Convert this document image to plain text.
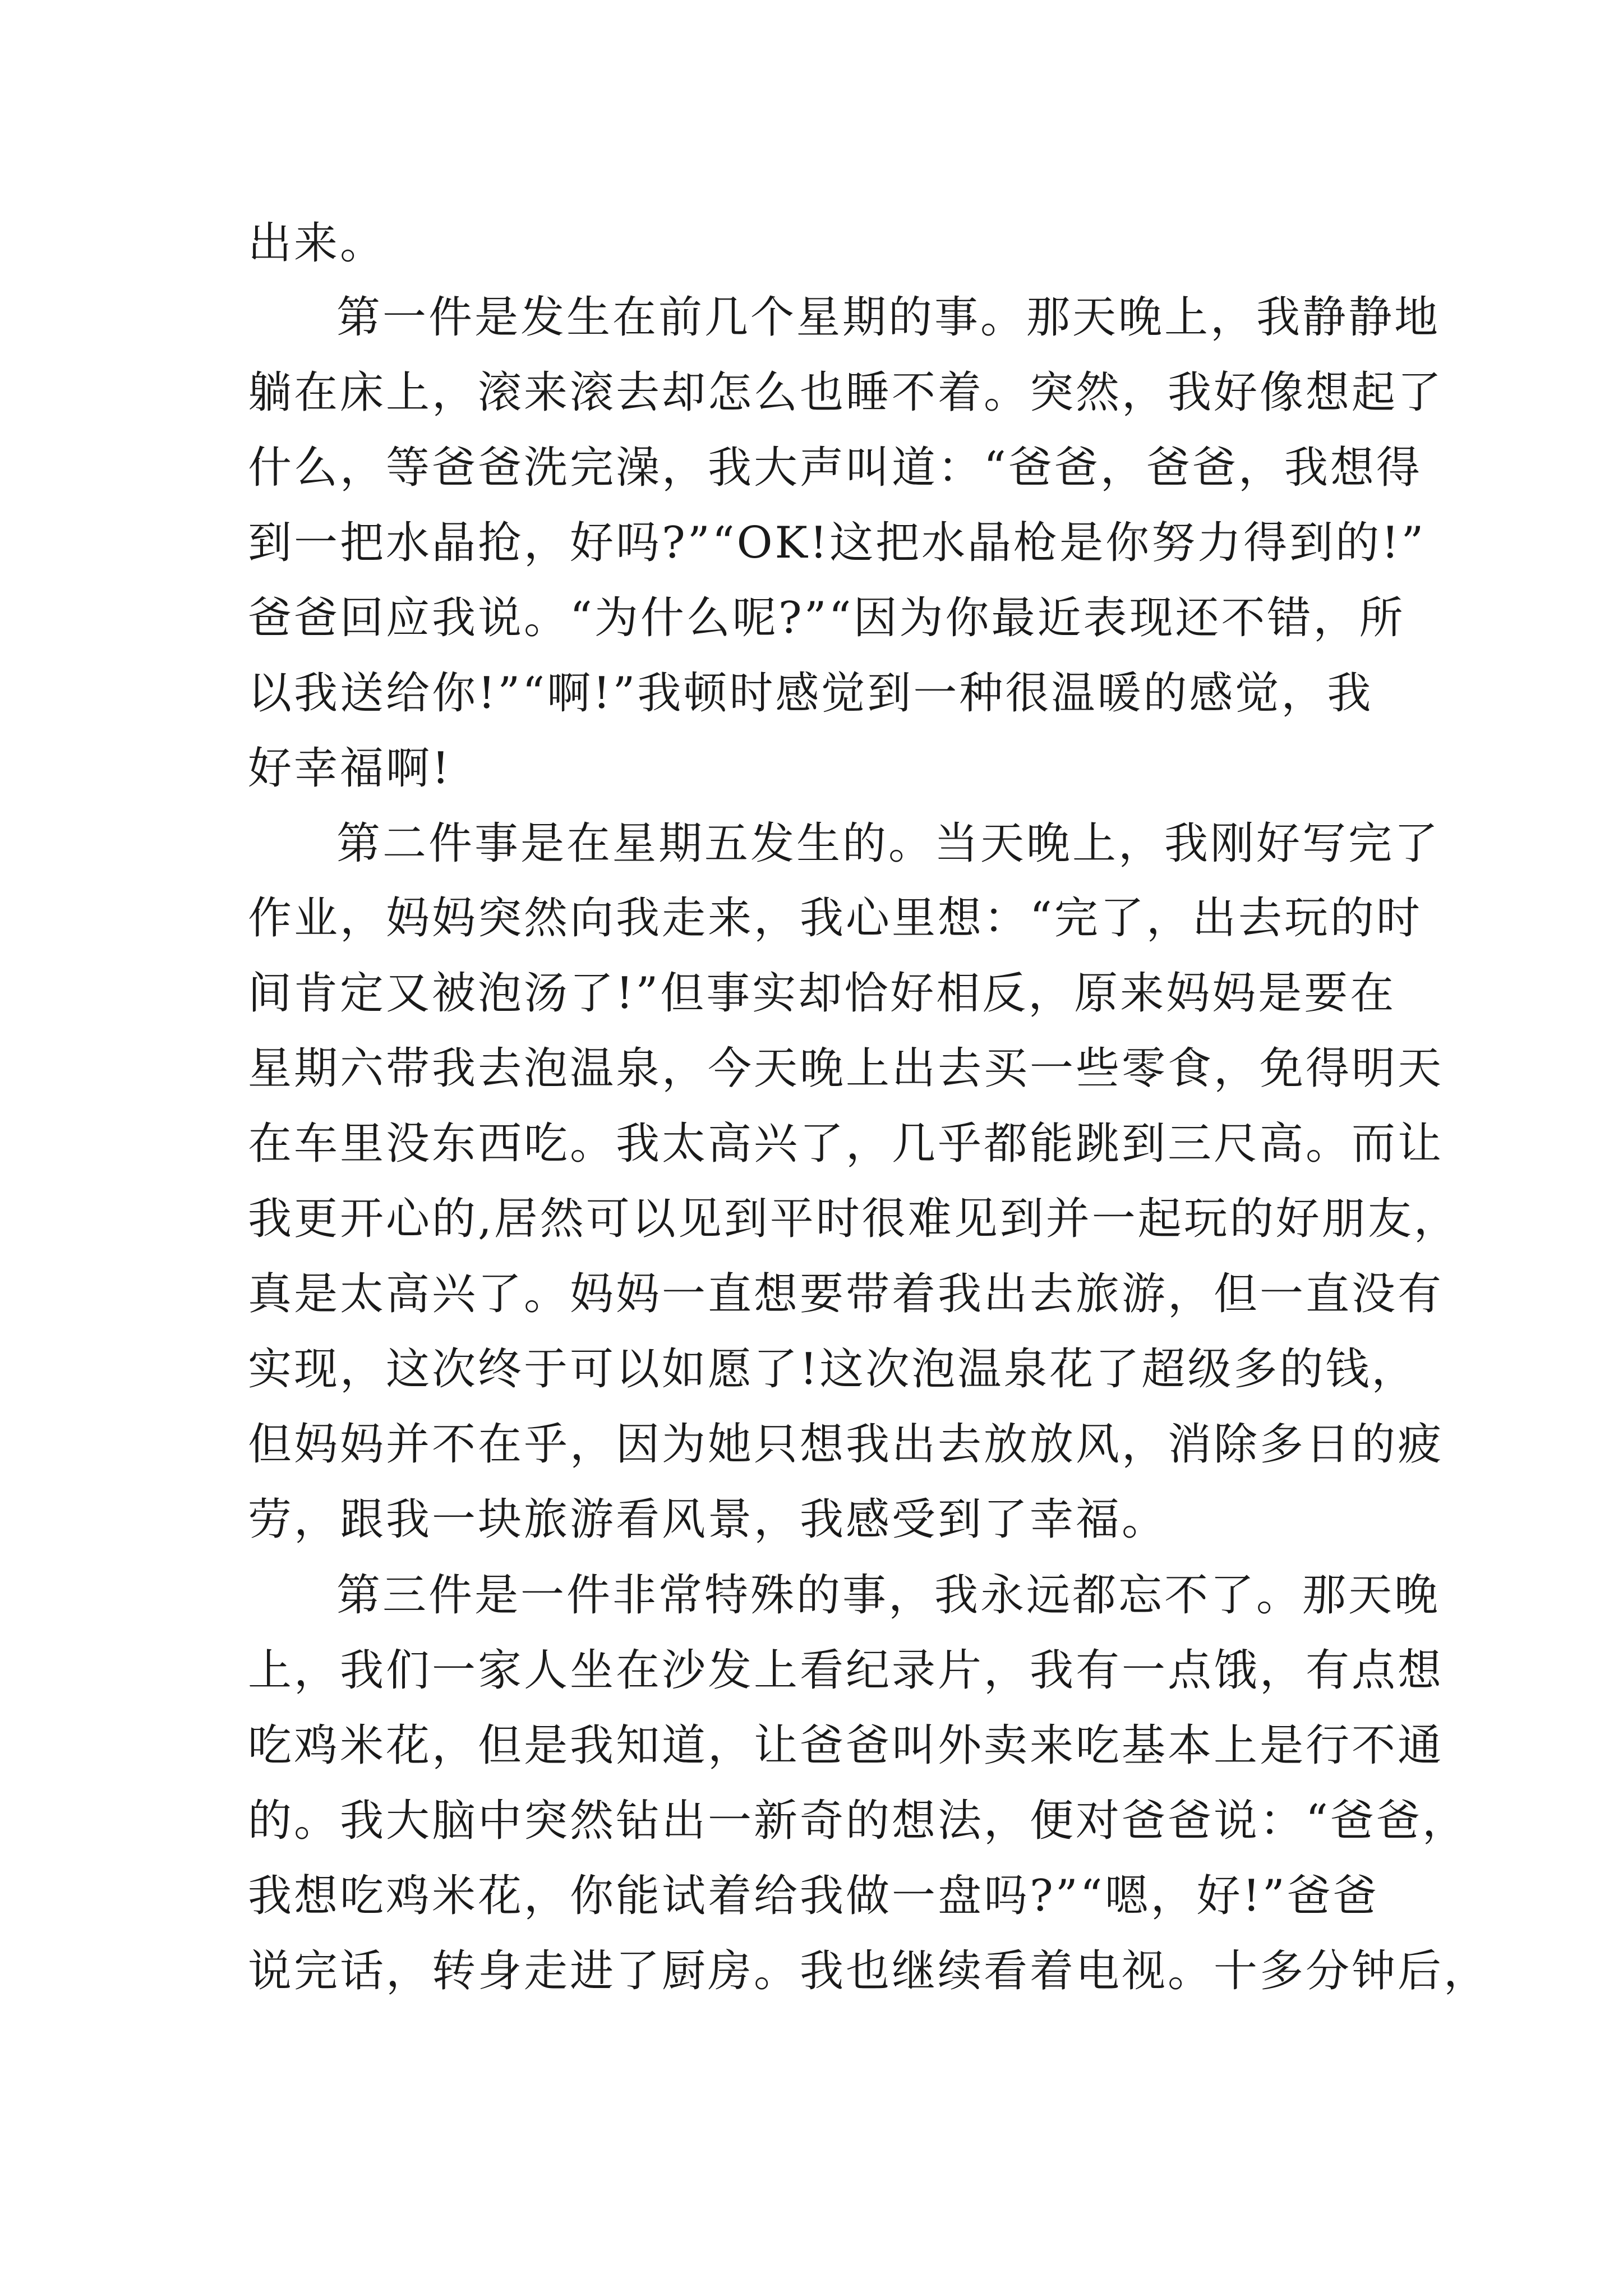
出来。
第一件是发生在前几个星期的事。那天晚上，我静静地
躺在床上，滚来滚去却怎么也睡不着。突然，我好像想起了
什么，等爸爸洗完澡，我大声叫道：“爸爸，爸爸，我想得
到一把水晶抢，好吗?”“OK!这把水晶枪是你努力得到的!”
爸爸回应我说。“为什么呢?”“因为你最近表现还不错，所
以我送给你!”“啊!”我顿时感觉到一种很温暖的感觉，我
好幸福啊!
第二件事是在星期五发生的。当天晚上，我刚好写完了
作业，妈妈突然向我走来，我心里想：“完了，出去玩的时
间肯定又被泡汤了!”但事实却恰好相反，原来妈妈是要在
星期六带我去泡温泉，今天晚上出去买一些零食，免得明天
在车里没东西吃。我太高兴了，几乎都能跳到三尺高。而让
我更开心的,居然可以见到平时很难见到并一起玩的好朋友，
真是太高兴了。妈妈一直想要带着我出去旅游，但一直没有
实现，这次终于可以如愿了!这次泡温泉花了超级多的钱，
但妈妈并不在乎，因为她只想我出去放放风，消除多日的疲
劳，跟我一块旅游看风景，我感受到了幸福。
第三件是一件非常特殊的事，我永远都忘不了。那天晚
上，我们一家人坐在沙发上看纪录片，我有一点饿，有点想
吃鸡米花，但是我知道，让爸爸叫外卖来吃基本上是行不通
的。我大脑中突然钻出一新奇的想法，便对爸爸说：“爸爸，
我想吃鸡米花，你能试着给我做一盘吗?”“嗯，好!”爸爸
说完话，转身走进了厨房。我也继续看着电视。十多分钟后，
